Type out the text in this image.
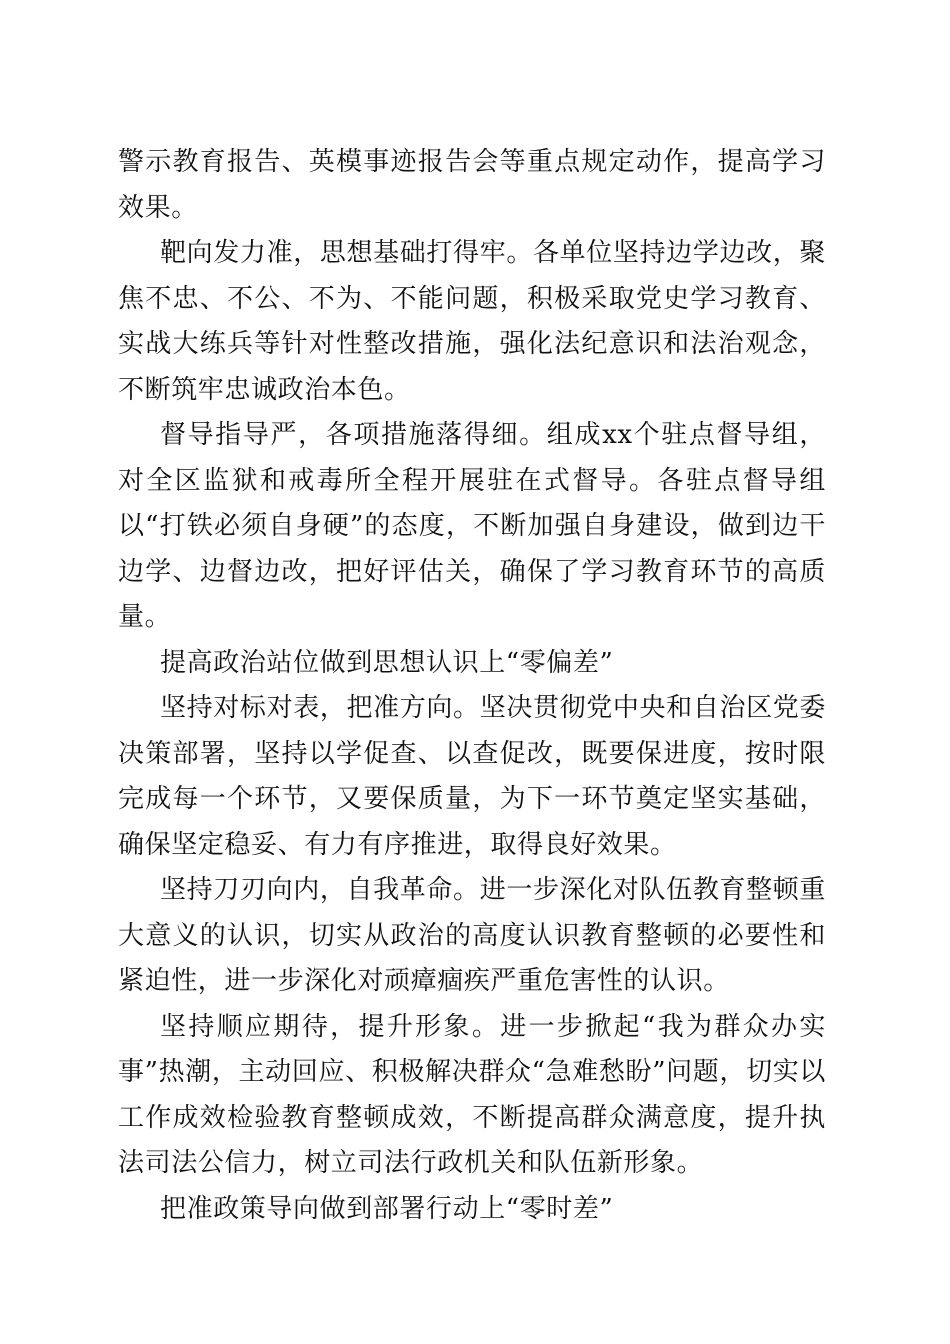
警示教育报告、英模事迹报告会等重点规定动作，提高学习效果。

靶向发力准，思想基础打得牢。各单位坚持边学边改，聚焦不忠、不公、不为、不能问题，积极采取党史学习教育、实战大练兵等针对性整改措施，强化法纪意识和法治观念，不断筑牢忠诚政治本色。

督导指导严，各项措施落得细。组成xx个驻点督导组，对全区监狱和戒毒所全程开展驻在式督导。各驻点督导组以“打铁必须自身硬”的态度，不断加强自身建设，做到边干边学、边督边改，把好评估关，确保了学习教育环节的高质量。

提高政治站位做到思想认识上“零偏差”

坚持对标对表，把准方向。坚决贯彻党中央和自治区党委决策部署，坚持以学促查、以查促改，既要保进度，按时限完成每一个环节，又要保质量，为下一环节奠定坚实基础，确保坚定稳妥、有力有序推进，取得良好效果。

坚持刀刃向内，自我革命。进一步深化对队伍教育整顿重大意义的认识，切实从政治的高度认识教育整顿的必要性和紧迫性，进一步深化对顽瘴痼疾严重危害性的认识。

坚持顺应期待，提升形象。进一步掀起“我为群众办实事”热潮，主动回应、积极解决群众“急难愁盼”问题，切实以工作成效检验教育整顿成效，不断提高群众满意度，提升执法司法公信力，树立司法行政机关和队伍新形象。

把准政策导向做到部署行动上“零时差”
